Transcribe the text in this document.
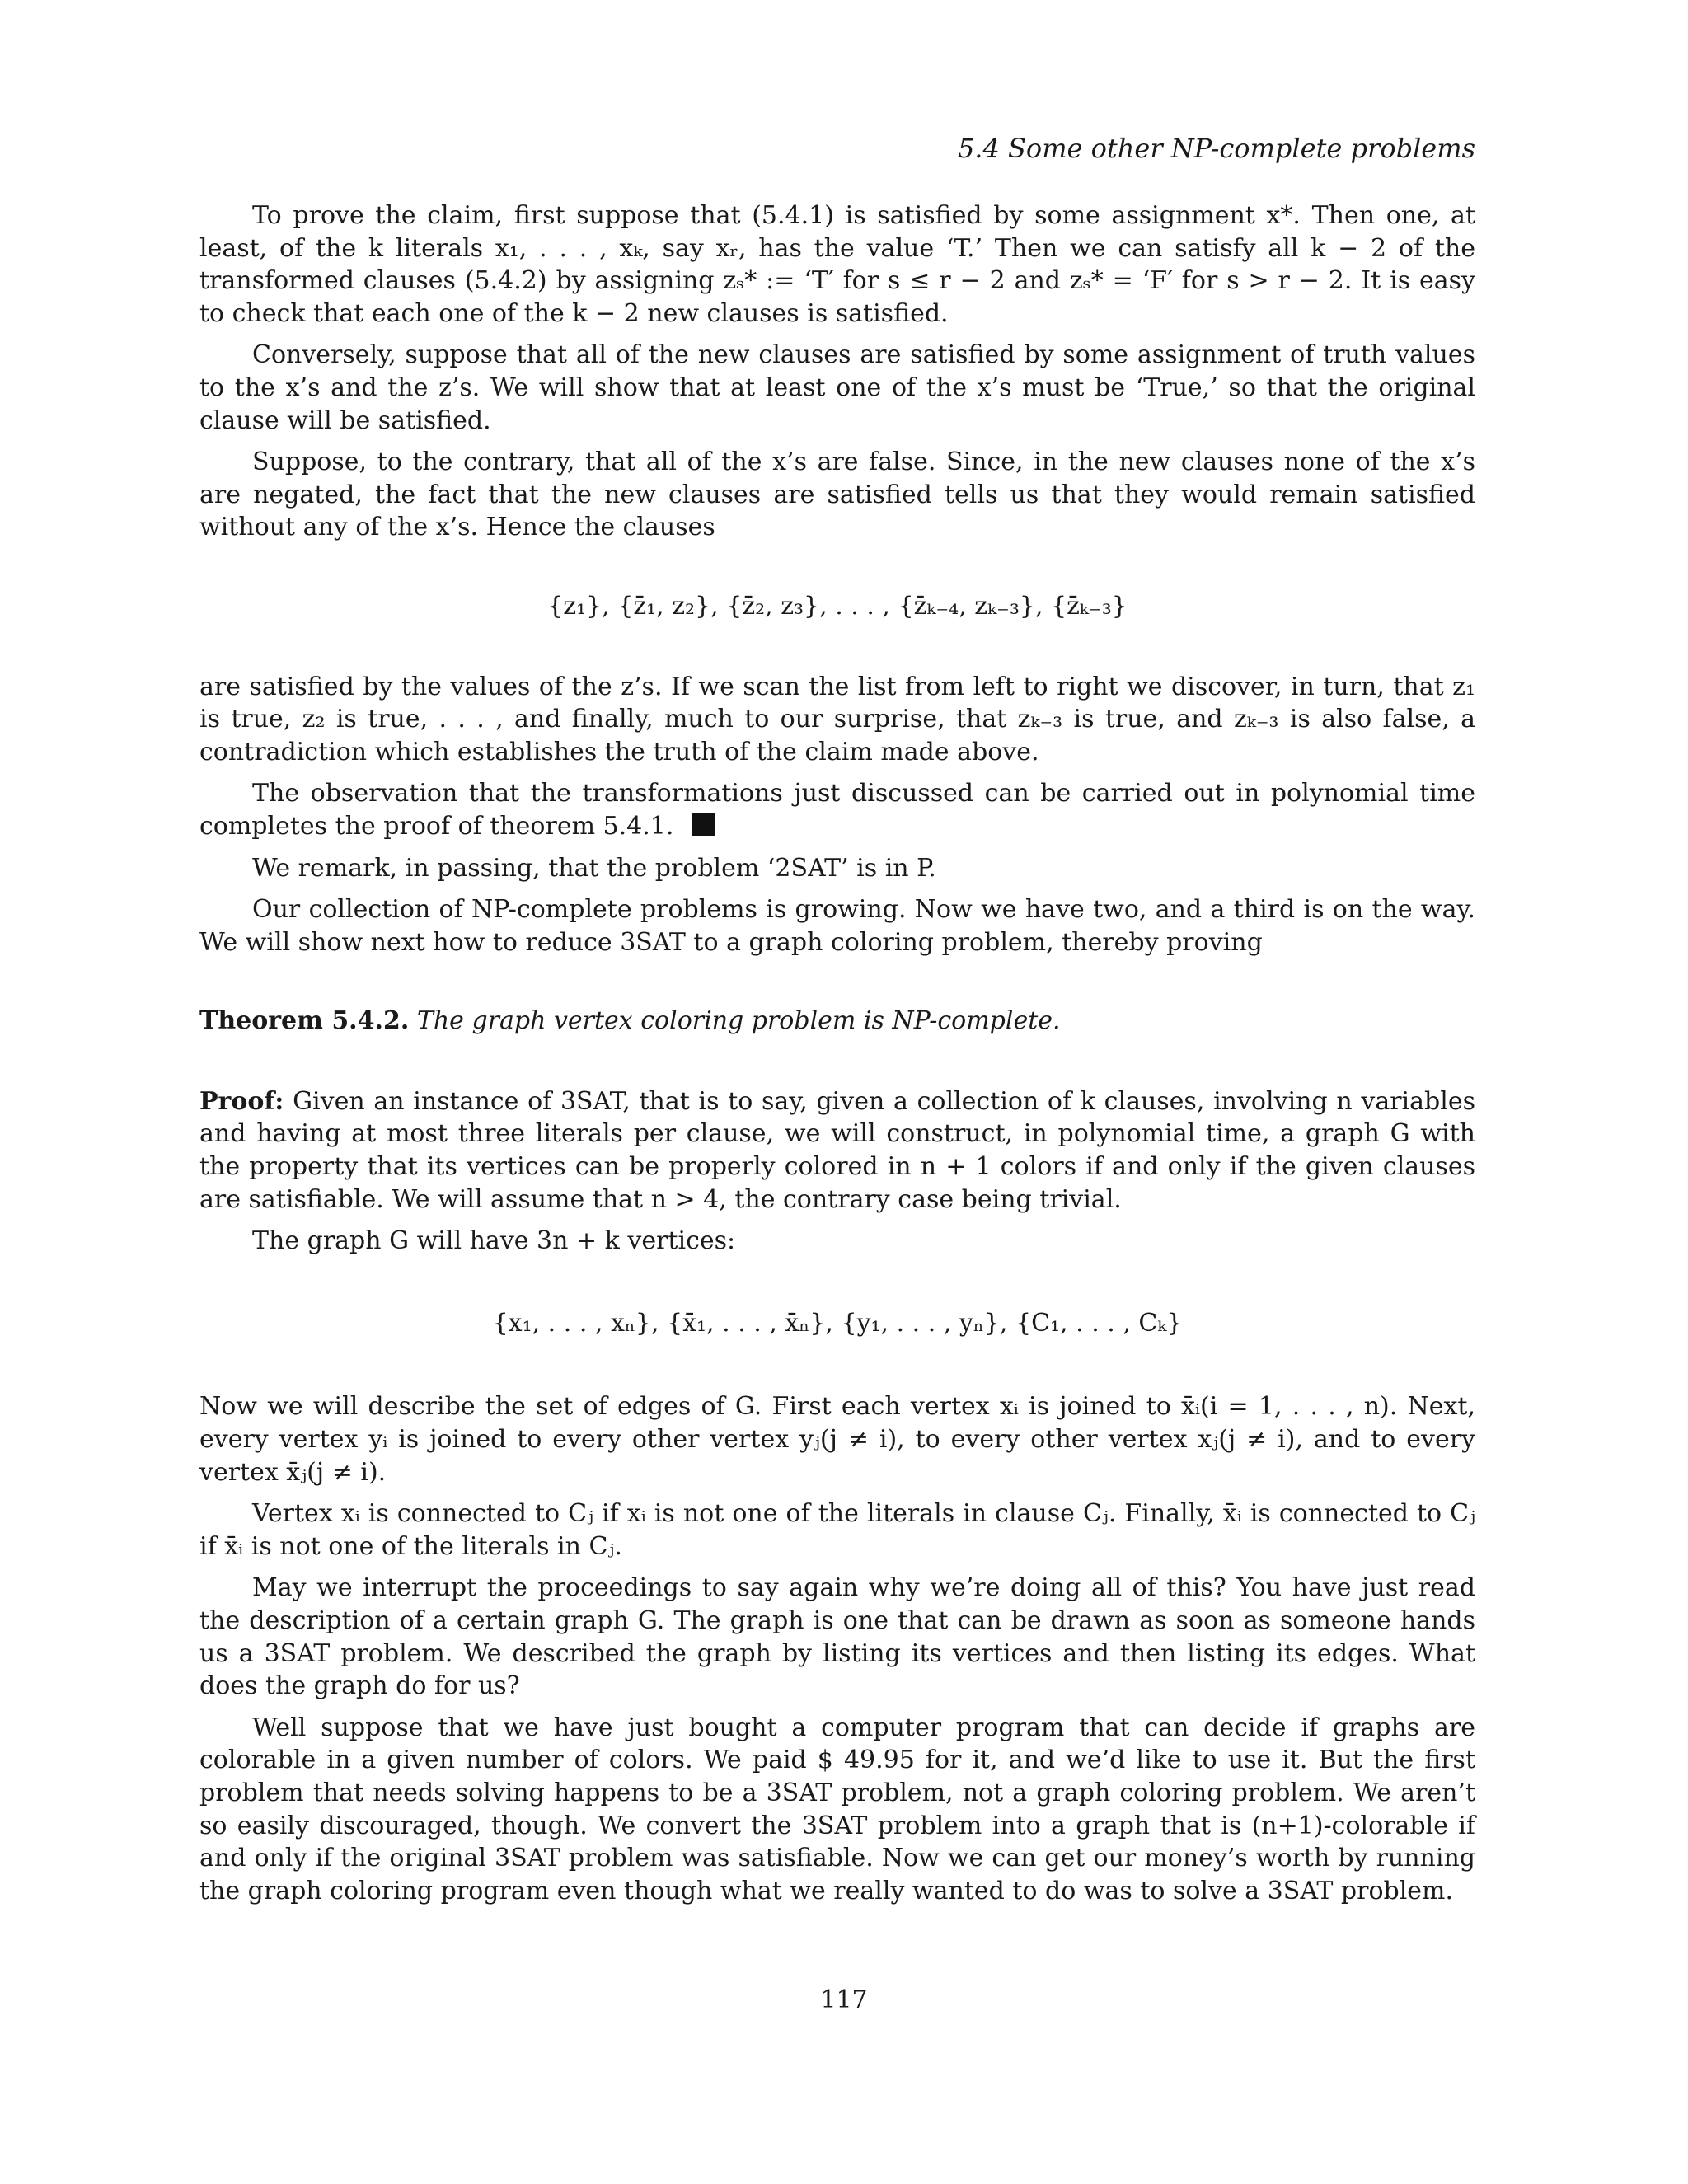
5.4 Some other NP-complete problems

To prove the claim, first suppose that (5.4.1) is satisfied by some assignment x*. Then one, at least, of the k literals x₁, . . . , xₖ, say xᵣ, has the value ‘T.’ Then we can satisfy all k − 2 of the transformed clauses (5.4.2) by assigning zₛ* := ‘T′ for s ≤ r − 2 and zₛ* = ‘F′ for s > r − 2. It is easy to check that each one of the k − 2 new clauses is satisfied.

Conversely, suppose that all of the new clauses are satisfied by some assignment of truth values to the x’s and the z’s. We will show that at least one of the x’s must be ‘True,’ so that the original clause will be satisfied.

Suppose, to the contrary, that all of the x’s are false. Since, in the new clauses none of the x’s are negated, the fact that the new clauses are satisfied tells us that they would remain satisfied without any of the x’s. Hence the clauses

{z₁}, {z̄₁, z₂}, {z̄₂, z₃}, . . . , {z̄ₖ₋₄, zₖ₋₃}, {z̄ₖ₋₃}

are satisfied by the values of the z’s. If we scan the list from left to right we discover, in turn, that z₁ is true, z₂ is true, . . . , and finally, much to our surprise, that zₖ₋₃ is true, and zₖ₋₃ is also false, a contradiction which establishes the truth of the claim made above.

The observation that the transformations just discussed can be carried out in polynomial time completes the proof of theorem 5.4.1.

We remark, in passing, that the problem ‘2SAT’ is in P.

Our collection of NP-complete problems is growing. Now we have two, and a third is on the way. We will show next how to reduce 3SAT to a graph coloring problem, thereby proving

Theorem 5.4.2. The graph vertex coloring problem is NP-complete.

Proof: Given an instance of 3SAT, that is to say, given a collection of k clauses, involving n variables and having at most three literals per clause, we will construct, in polynomial time, a graph G with the property that its vertices can be properly colored in n + 1 colors if and only if the given clauses are satisfiable. We will assume that n > 4, the contrary case being trivial.

The graph G will have 3n + k vertices:

{x₁, . . . , xₙ}, {x̄₁, . . . , x̄ₙ}, {y₁, . . . , yₙ}, {C₁, . . . , Cₖ}

Now we will describe the set of edges of G. First each vertex xᵢ is joined to x̄ᵢ(i = 1, . . . , n). Next, every vertex yᵢ is joined to every other vertex yⱼ(j ≠ i), to every other vertex xⱼ(j ≠ i), and to every vertex x̄ⱼ(j ≠ i).

Vertex xᵢ is connected to Cⱼ if xᵢ is not one of the literals in clause Cⱼ. Finally, x̄ᵢ is connected to Cⱼ if x̄ᵢ is not one of the literals in Cⱼ.

May we interrupt the proceedings to say again why we’re doing all of this? You have just read the description of a certain graph G. The graph is one that can be drawn as soon as someone hands us a 3SAT problem. We described the graph by listing its vertices and then listing its edges. What does the graph do for us?

Well suppose that we have just bought a computer program that can decide if graphs are colorable in a given number of colors. We paid $ 49.95 for it, and we’d like to use it. But the first problem that needs solving happens to be a 3SAT problem, not a graph coloring problem. We aren’t so easily discouraged, though. We convert the 3SAT problem into a graph that is (n+1)-colorable if and only if the original 3SAT problem was satisfiable. Now we can get our money’s worth by running the graph coloring program even though what we really wanted to do was to solve a 3SAT problem.

117
